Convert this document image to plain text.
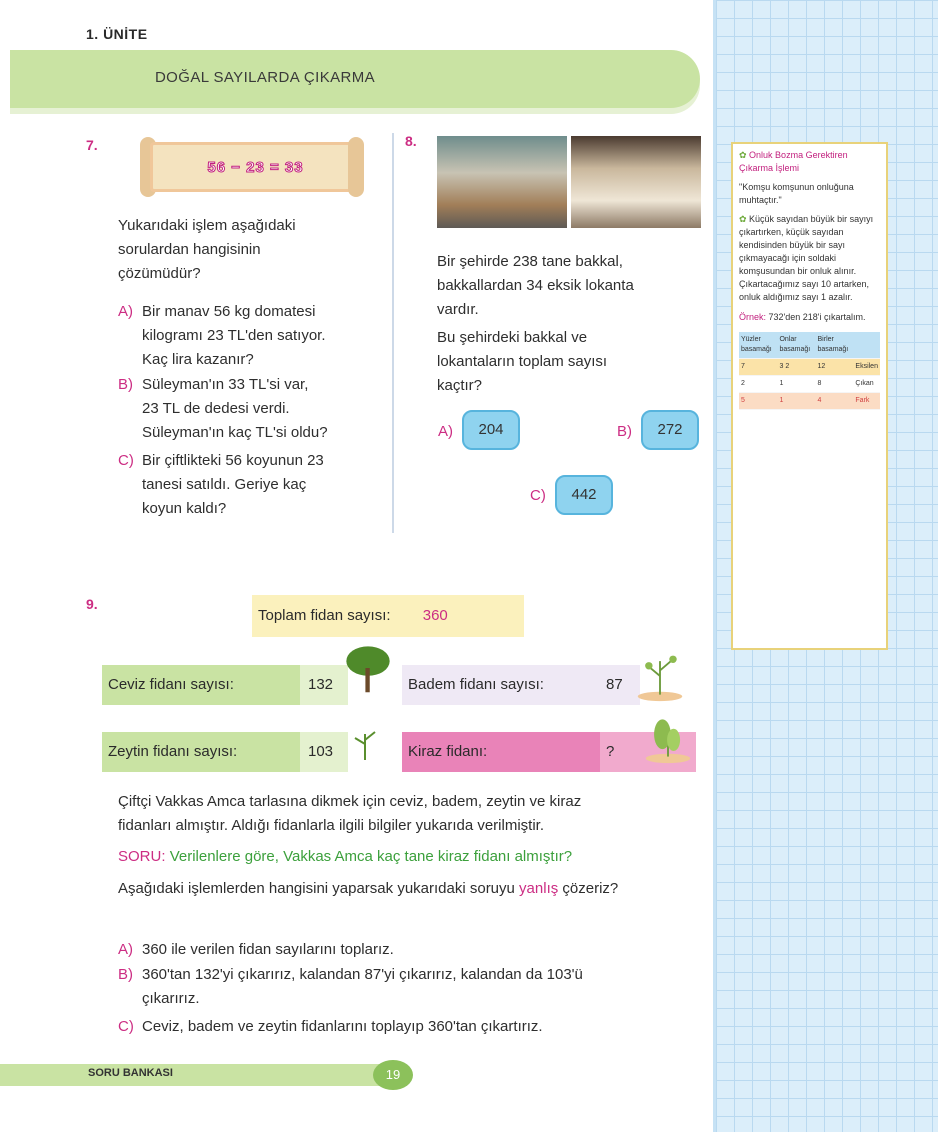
1. ÜNİTE
DOĞAL SAYILARDA ÇIKARMA
✿ Onluk Bozma Gerektiren Çıkarma İşlemi
"Komşu komşunun onluğuna muhtaçtır."
✿ Küçük sayıdan büyük bir sayıyı çıkartırken, küçük sayıdan kendisinden büyük bir sayı çıkmayacağı için soldaki komşusundan bir onluk alınır. Çıkartacağımız sayı 10 artarken, onluk aldığımız sayı 1 azalır.
Örnek: 732'den 218'i çıkartalım.
Yüzler basamağı	Onlar basamağı	Birler basamağı	
7	3 2	12	Eksilen
2	1	8	Çıkan
5	1	4	Fark
7.
56 − 23 = 33
Yukarıdaki işlem aşağıdaki
sorulardan hangisinin
çözümüdür?
A) Bir manav 56 kg domatesi
kilogramı 23 TL'den satıyor.
Kaç lira kazanır?
B) Süleyman'ın 33 TL'si var,
23 TL de dedesi verdi.
Süleyman'ın kaç TL'si oldu?
C) Bir çiftlikteki 56 koyunun 23
tanesi satıldı. Geriye kaç
koyun kaldı?
8.
Bir şehirde 238 tane bakkal,
bakkallardan 34 eksik lokanta
vardır.
Bu şehirdeki bakkal ve
lokantaların toplam sayısı
kaçtır?
A)	204	B)	272
C)	442
9.
Toplam fidan sayısı: 360
Ceviz fidanı sayısı:	132	Badem fidanı sayısı:	87
Zeytin fidanı sayısı:	103	Kiraz fidanı:	?
Çiftçi Vakkas Amca tarlasına dikmek için ceviz, badem, zeytin ve kiraz
fidanları almıştır. Aldığı fidanlarla ilgili bilgiler yukarıda verilmiştir.
SORU: Verilenlere göre, Vakkas Amca kaç tane kiraz fidanı almıştır?
Aşağıdaki işlemlerden hangisini yaparsak yukarıdaki soruyu yanlış çözeriz?
A) 360 ile verilen fidan sayılarını toplarız.
B) 360'tan 132'yi çıkarırız, kalandan 87'yi çıkarırız, kalandan da 103'ü
çıkarırız.
C) Ceviz, badem ve zeytin fidanlarını toplayıp 360'tan çıkartırız.
SORU BANKASI	19
